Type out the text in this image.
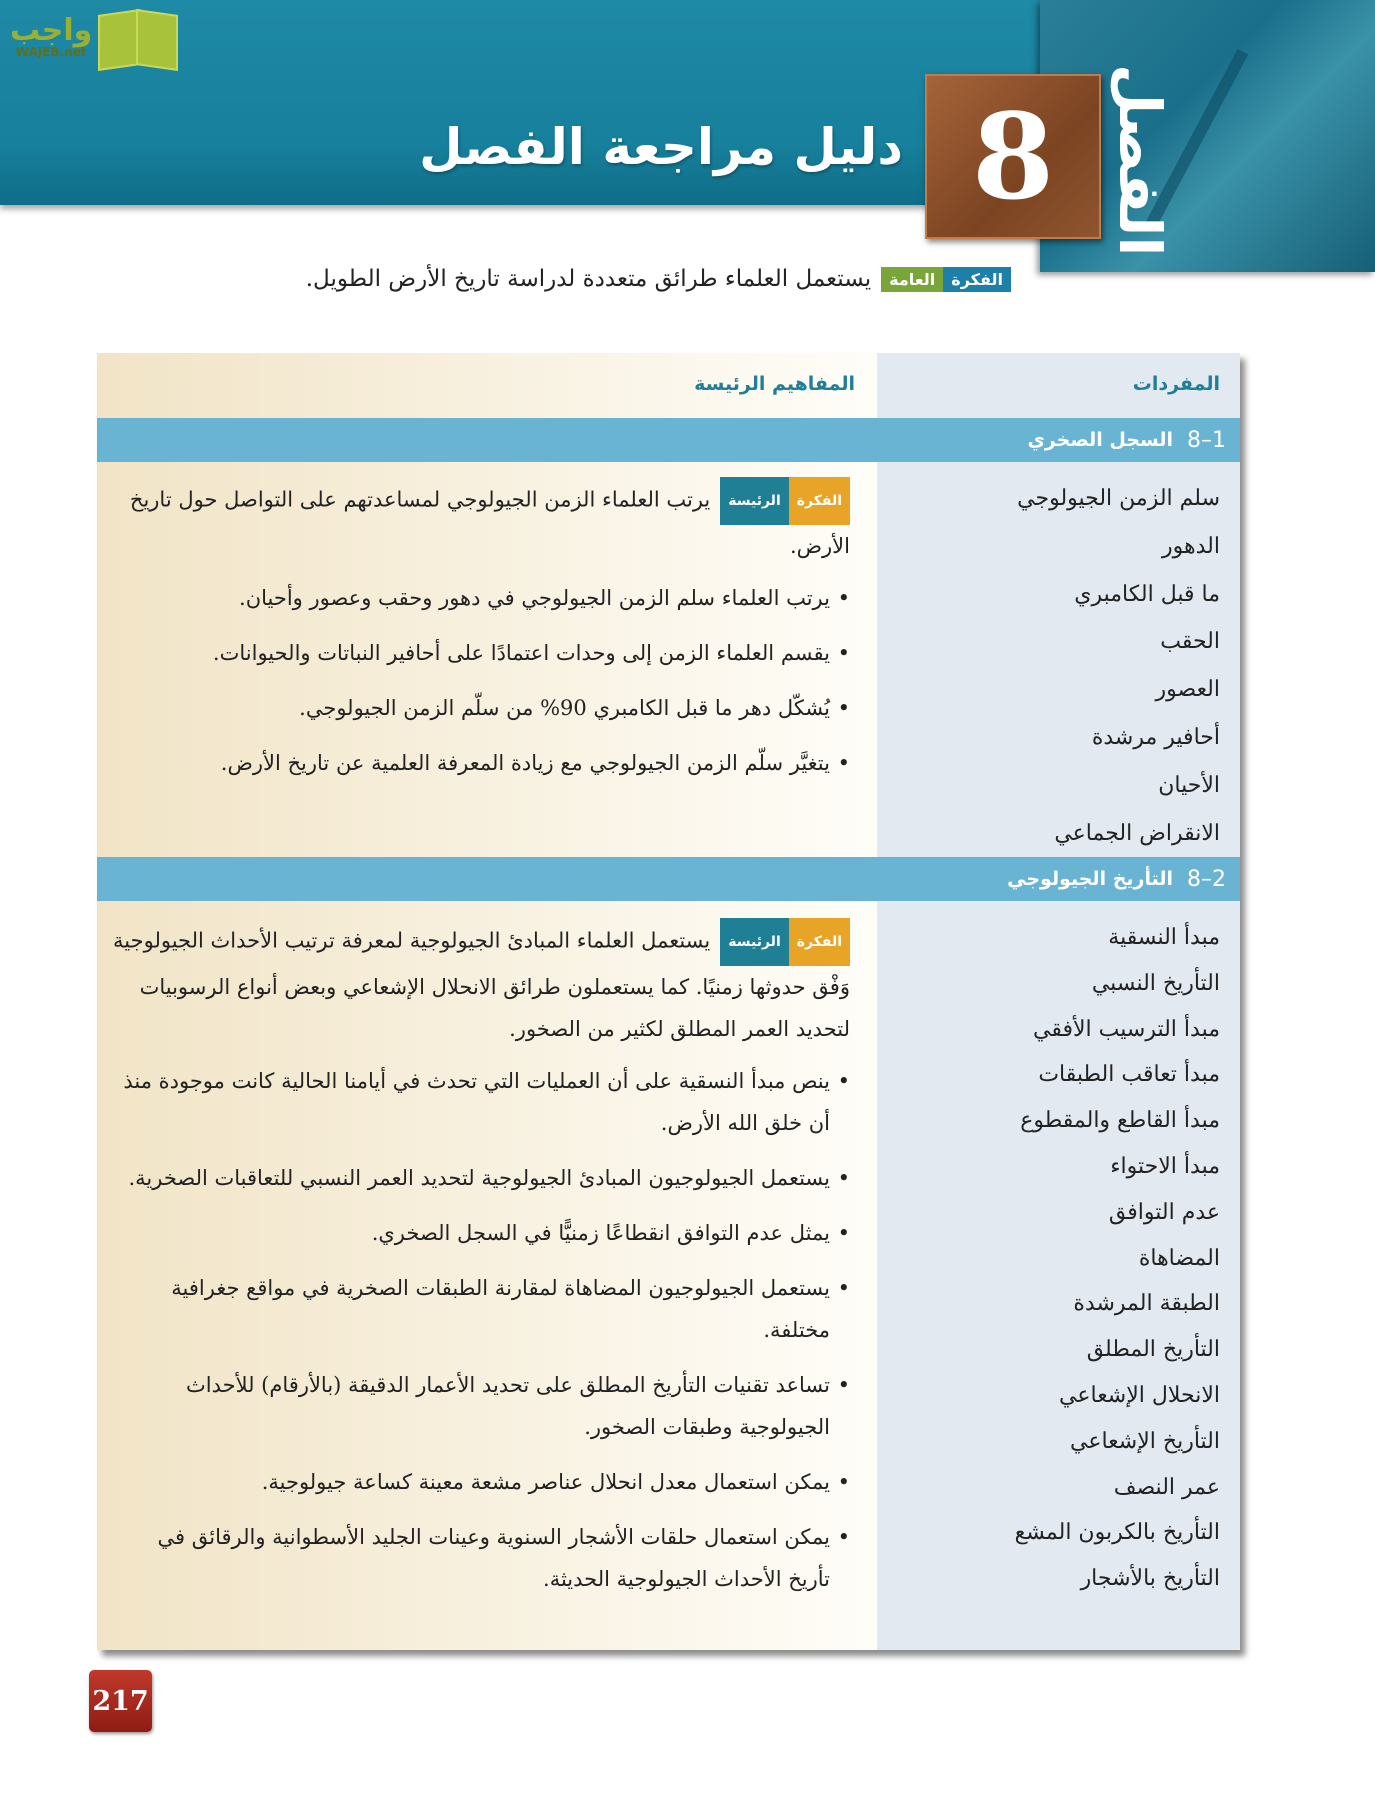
واجب
WAJEB.net
8 الفصل
دليل مراجعة الفصل
الفكرة
العامة
يستعمل العلماء طرائق متعددة لدراسة تاريخ الأرض الطويل.
المفردات
المفاهيم الرئيسة
8–1
السجل الصخري
سلم الزمن الجيولوجي
الدهور
ما قبل الكامبري
الحقب
العصور
أحافير مرشدة
الأحيان
الانقراض الجماعي

الفكرة
الرئيسة
يرتب العلماء الزمن الجيولوجي لمساعدتهم على التواصل حول تاريخ الأرض.

• يرتب العلماء سلم الزمن الجيولوجي في دهور وحقب وعصور وأحيان.
• يقسم العلماء الزمن إلى وحدات اعتمادًا على أحافير النباتات والحيوانات.
• يُشكّل دهر ما قبل الكامبري 90% من سلّم الزمن الجيولوجي.
• يتغيَّر سلّم الزمن الجيولوجي مع زيادة المعرفة العلمية عن تاريخ الأرض.
8–2
التأريخ الجيولوجي
مبدأ النسقية
التأريخ النسبي
مبدأ الترسيب الأفقي
مبدأ تعاقب الطبقات
مبدأ القاطع والمقطوع
مبدأ الاحتواء
عدم التوافق
المضاهاة
الطبقة المرشدة
التأريخ المطلق
الانحلال الإشعاعي
التأريخ الإشعاعي
عمر النصف
التأريخ بالكربون المشع
التأريخ بالأشجار

الفكرة
الرئيسة
يستعمل العلماء المبادئ الجيولوجية لمعرفة ترتيب الأحداث الجيولوجية وَفْق حدوثها زمنيًا. كما يستعملون طرائق الانحلال الإشعاعي وبعض أنواع الرسوبيات لتحديد العمر المطلق لكثير من الصخور.

• ينص مبدأ النسقية على أن العمليات التي تحدث في أيامنا الحالية كانت موجودة منذ أن خلق الله الأرض.
• يستعمل الجيولوجيون المبادئ الجيولوجية لتحديد العمر النسبي للتعاقبات الصخرية.
• يمثل عدم التوافق انقطاعًا زمنيًّا في السجل الصخري.
• يستعمل الجيولوجيون المضاهاة لمقارنة الطبقات الصخرية في مواقع جغرافية مختلفة.
• تساعد تقنيات التأريخ المطلق على تحديد الأعمار الدقيقة (بالأرقام) للأحداث الجيولوجية وطبقات الصخور.
• يمكن استعمال معدل انحلال عناصر مشعة معينة كساعة جيولوجية.
• يمكن استعمال حلقات الأشجار السنوية وعينات الجليد الأسطوانية والرقائق في تأريخ الأحداث الجيولوجية الحديثة.
217
